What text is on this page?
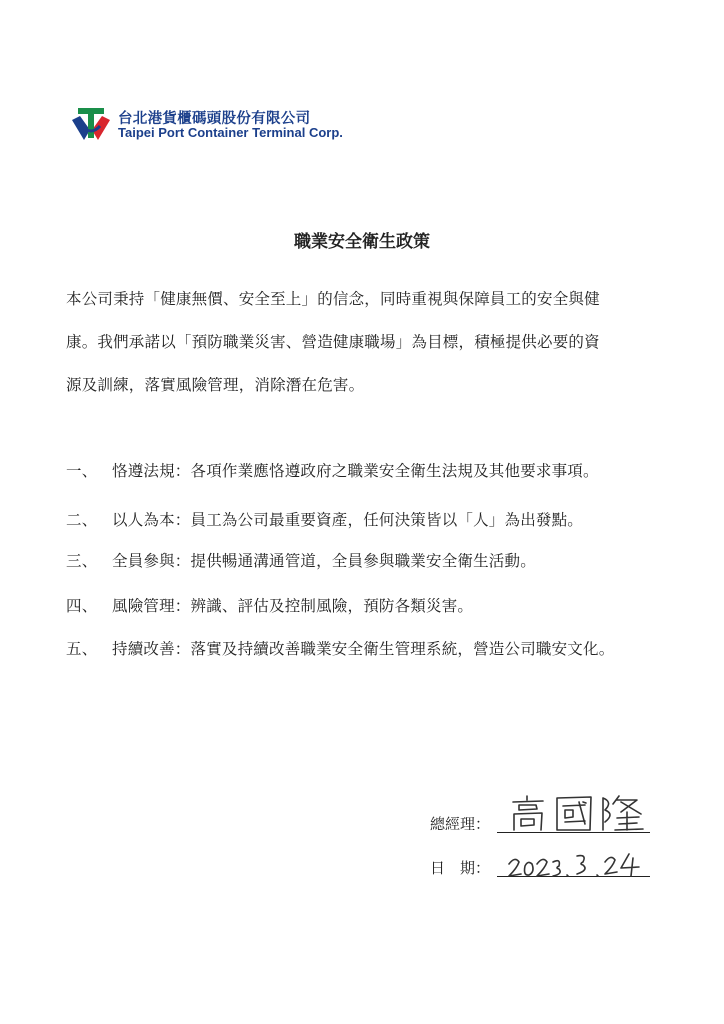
台北港貨櫃碼頭股份有限公司
Taipei Port Container Terminal Corp.
職業安全衛生政策
本公司秉持「健康無價、安全至上」的信念，同時重視與保障員工的安全與健
康。我們承諾以「預防職業災害、營造健康職場」為目標，積極提供必要的資
源及訓練，落實風險管理，消除潛在危害。
一、 恪遵法規：各項作業應恪遵政府之職業安全衛生法規及其他要求事項。
二、 以人為本：員工為公司最重要資產，任何決策皆以「人」為出發點。
三、 全員參與：提供暢通溝通管道，全員參與職業安全衛生活動。
四、 風險管理：辨識、評估及控制風險，預防各類災害。
五、 持續改善：落實及持續改善職業安全衛生管理系統，營造公司職安文化。
總經理：
日　期：
